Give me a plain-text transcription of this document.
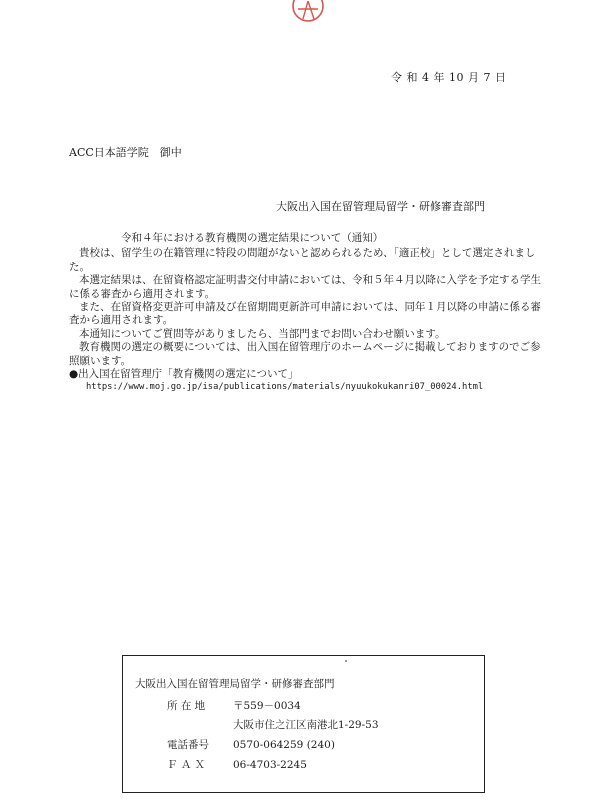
令 和 4 年 10 月 7 日
ACC日本語学院　御中
大阪出入国在留管理局留学・研修審査部門

令和４年における教育機関の選定結果について（通知）

貴校は、留学生の在籍管理に特段の問題がないと認められるため、「適正校」として選定されました。

本選定結果は、在留資格認定証明書交付申請においては、令和５年４月以降に入学を予定する学生に係る審査から適用されます。

また、在留資格変更許可申請及び在留期間更新許可申請においては、同年１月以降の申請に係る審査から適用されます。

本通知についてご質問等がありましたら、当部門までお問い合わせ願います。

教育機関の選定の概要については、出入国在留管理庁のホームページに掲載しておりますのでご参照願います。

●出入国在留管理庁「教育機関の選定について」

https://www.moj.go.jp/isa/publications/materials/nyuukokukanri07_00024.html

大阪出入国在留管理局留学・研修審査部門
所 在 地	〒559－0034
大阪市住之江区南港北1-29-53
電話番号 0570-064259 (240)
Ｆ Ａ Ｘ	06-4703-2245
